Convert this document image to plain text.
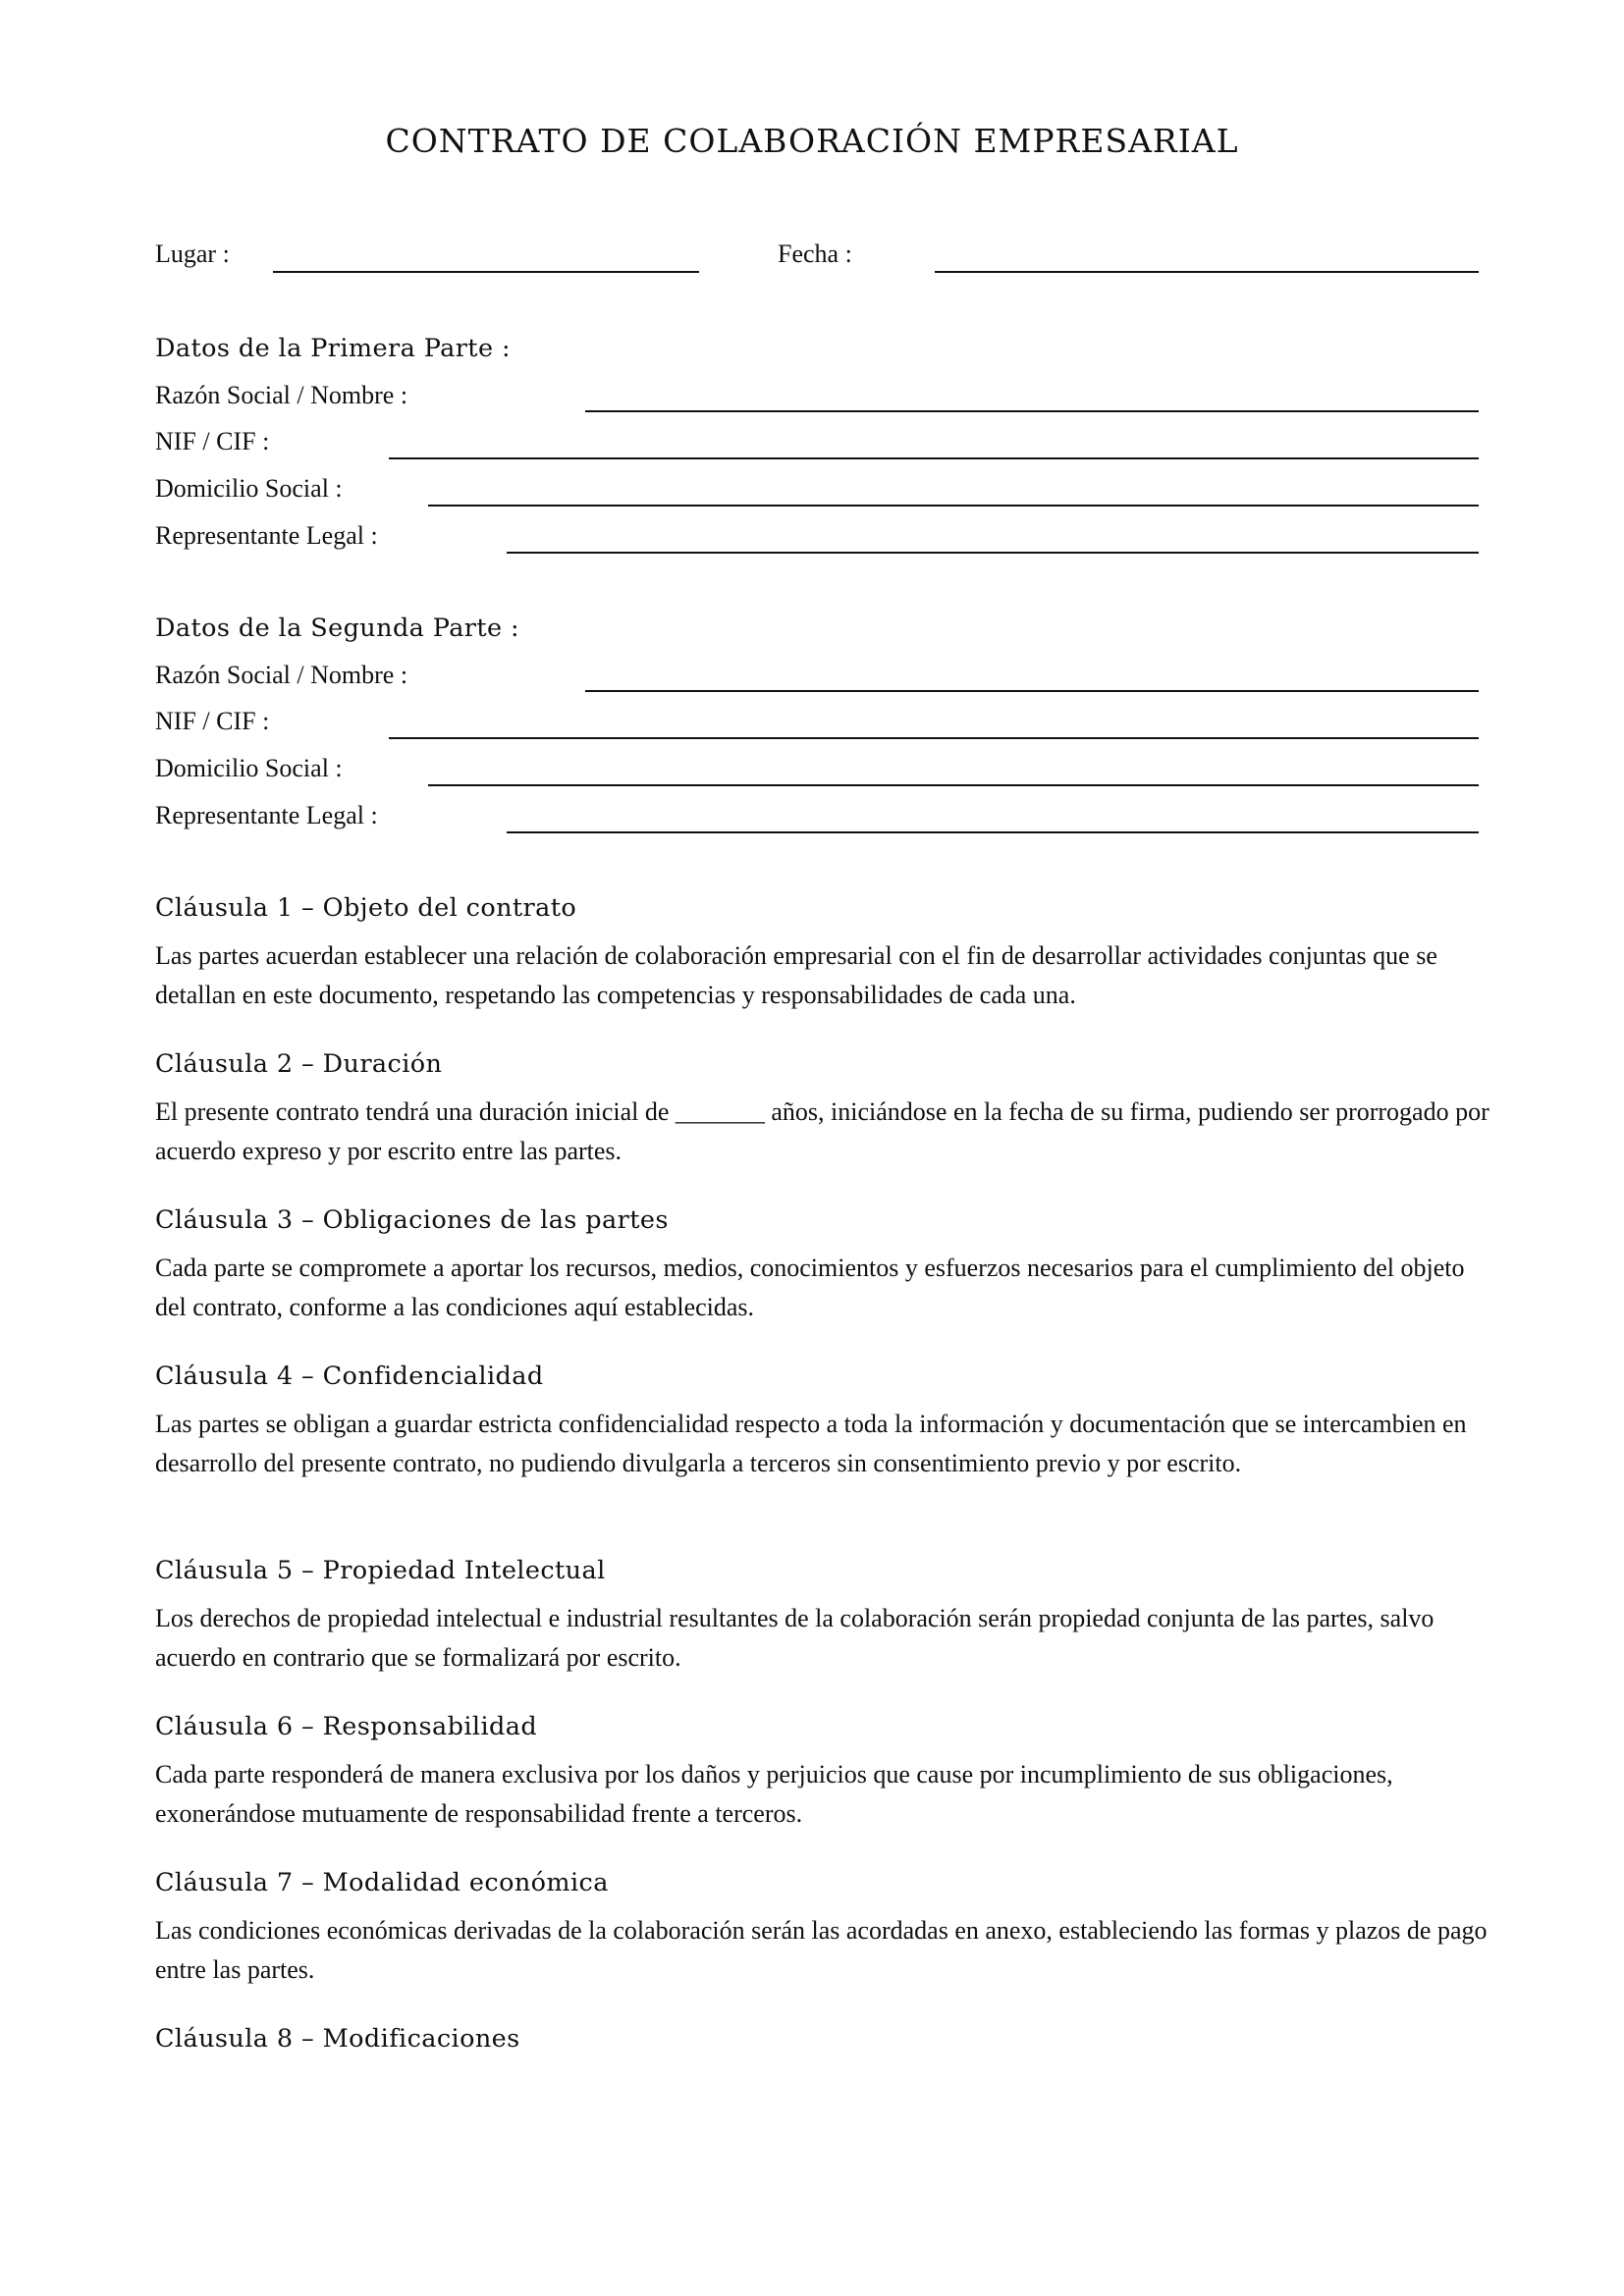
CONTRATO DE COLABORACIÓN EMPRESARIAL
Lugar :	Fecha :
Datos de la Primera Parte :
Razón Social / Nombre :
NIF / CIF :
Domicilio Social :
Representante Legal :
Datos de la Segunda Parte :
Razón Social / Nombre :
NIF / CIF :
Domicilio Social :
Representante Legal :
Cláusula 1 – Objeto del contrato

Las partes acuerdan establecer una relación de colaboración empresarial con el fin de desarrollar actividades conjuntas que se detallan en este documento, respetando las competencias y responsabilidades de cada una.

Cláusula 2 – Duración

El presente contrato tendrá una duración inicial de _______ años, iniciándose en la fecha de su firma, pudiendo ser prorrogado por acuerdo expreso y por escrito entre las partes.

Cláusula 3 – Obligaciones de las partes

Cada parte se compromete a aportar los recursos, medios, conocimientos y esfuerzos necesarios para el cumplimiento del objeto del contrato, conforme a las condiciones aquí establecidas.

Cláusula 4 – Confidencialidad

Las partes se obligan a guardar estricta confidencialidad respecto a toda la información y documentación que se intercambien en desarrollo del presente contrato, no pudiendo divulgarla a terceros sin consentimiento previo y por escrito.

Cláusula 5 – Propiedad Intelectual

Los derechos de propiedad intelectual e industrial resultantes de la colaboración serán propiedad conjunta de las partes, salvo acuerdo en contrario que se formalizará por escrito.

Cláusula 6 – Responsabilidad

Cada parte responderá de manera exclusiva por los daños y perjuicios que cause por incumplimiento de sus obligaciones, exonerándose mutuamente de responsabilidad frente a terceros.

Cláusula 7 – Modalidad económica

Las condiciones económicas derivadas de la colaboración serán las acordadas en anexo, estableciendo las formas y plazos de pago entre las partes.

Cláusula 8 – Modificaciones
